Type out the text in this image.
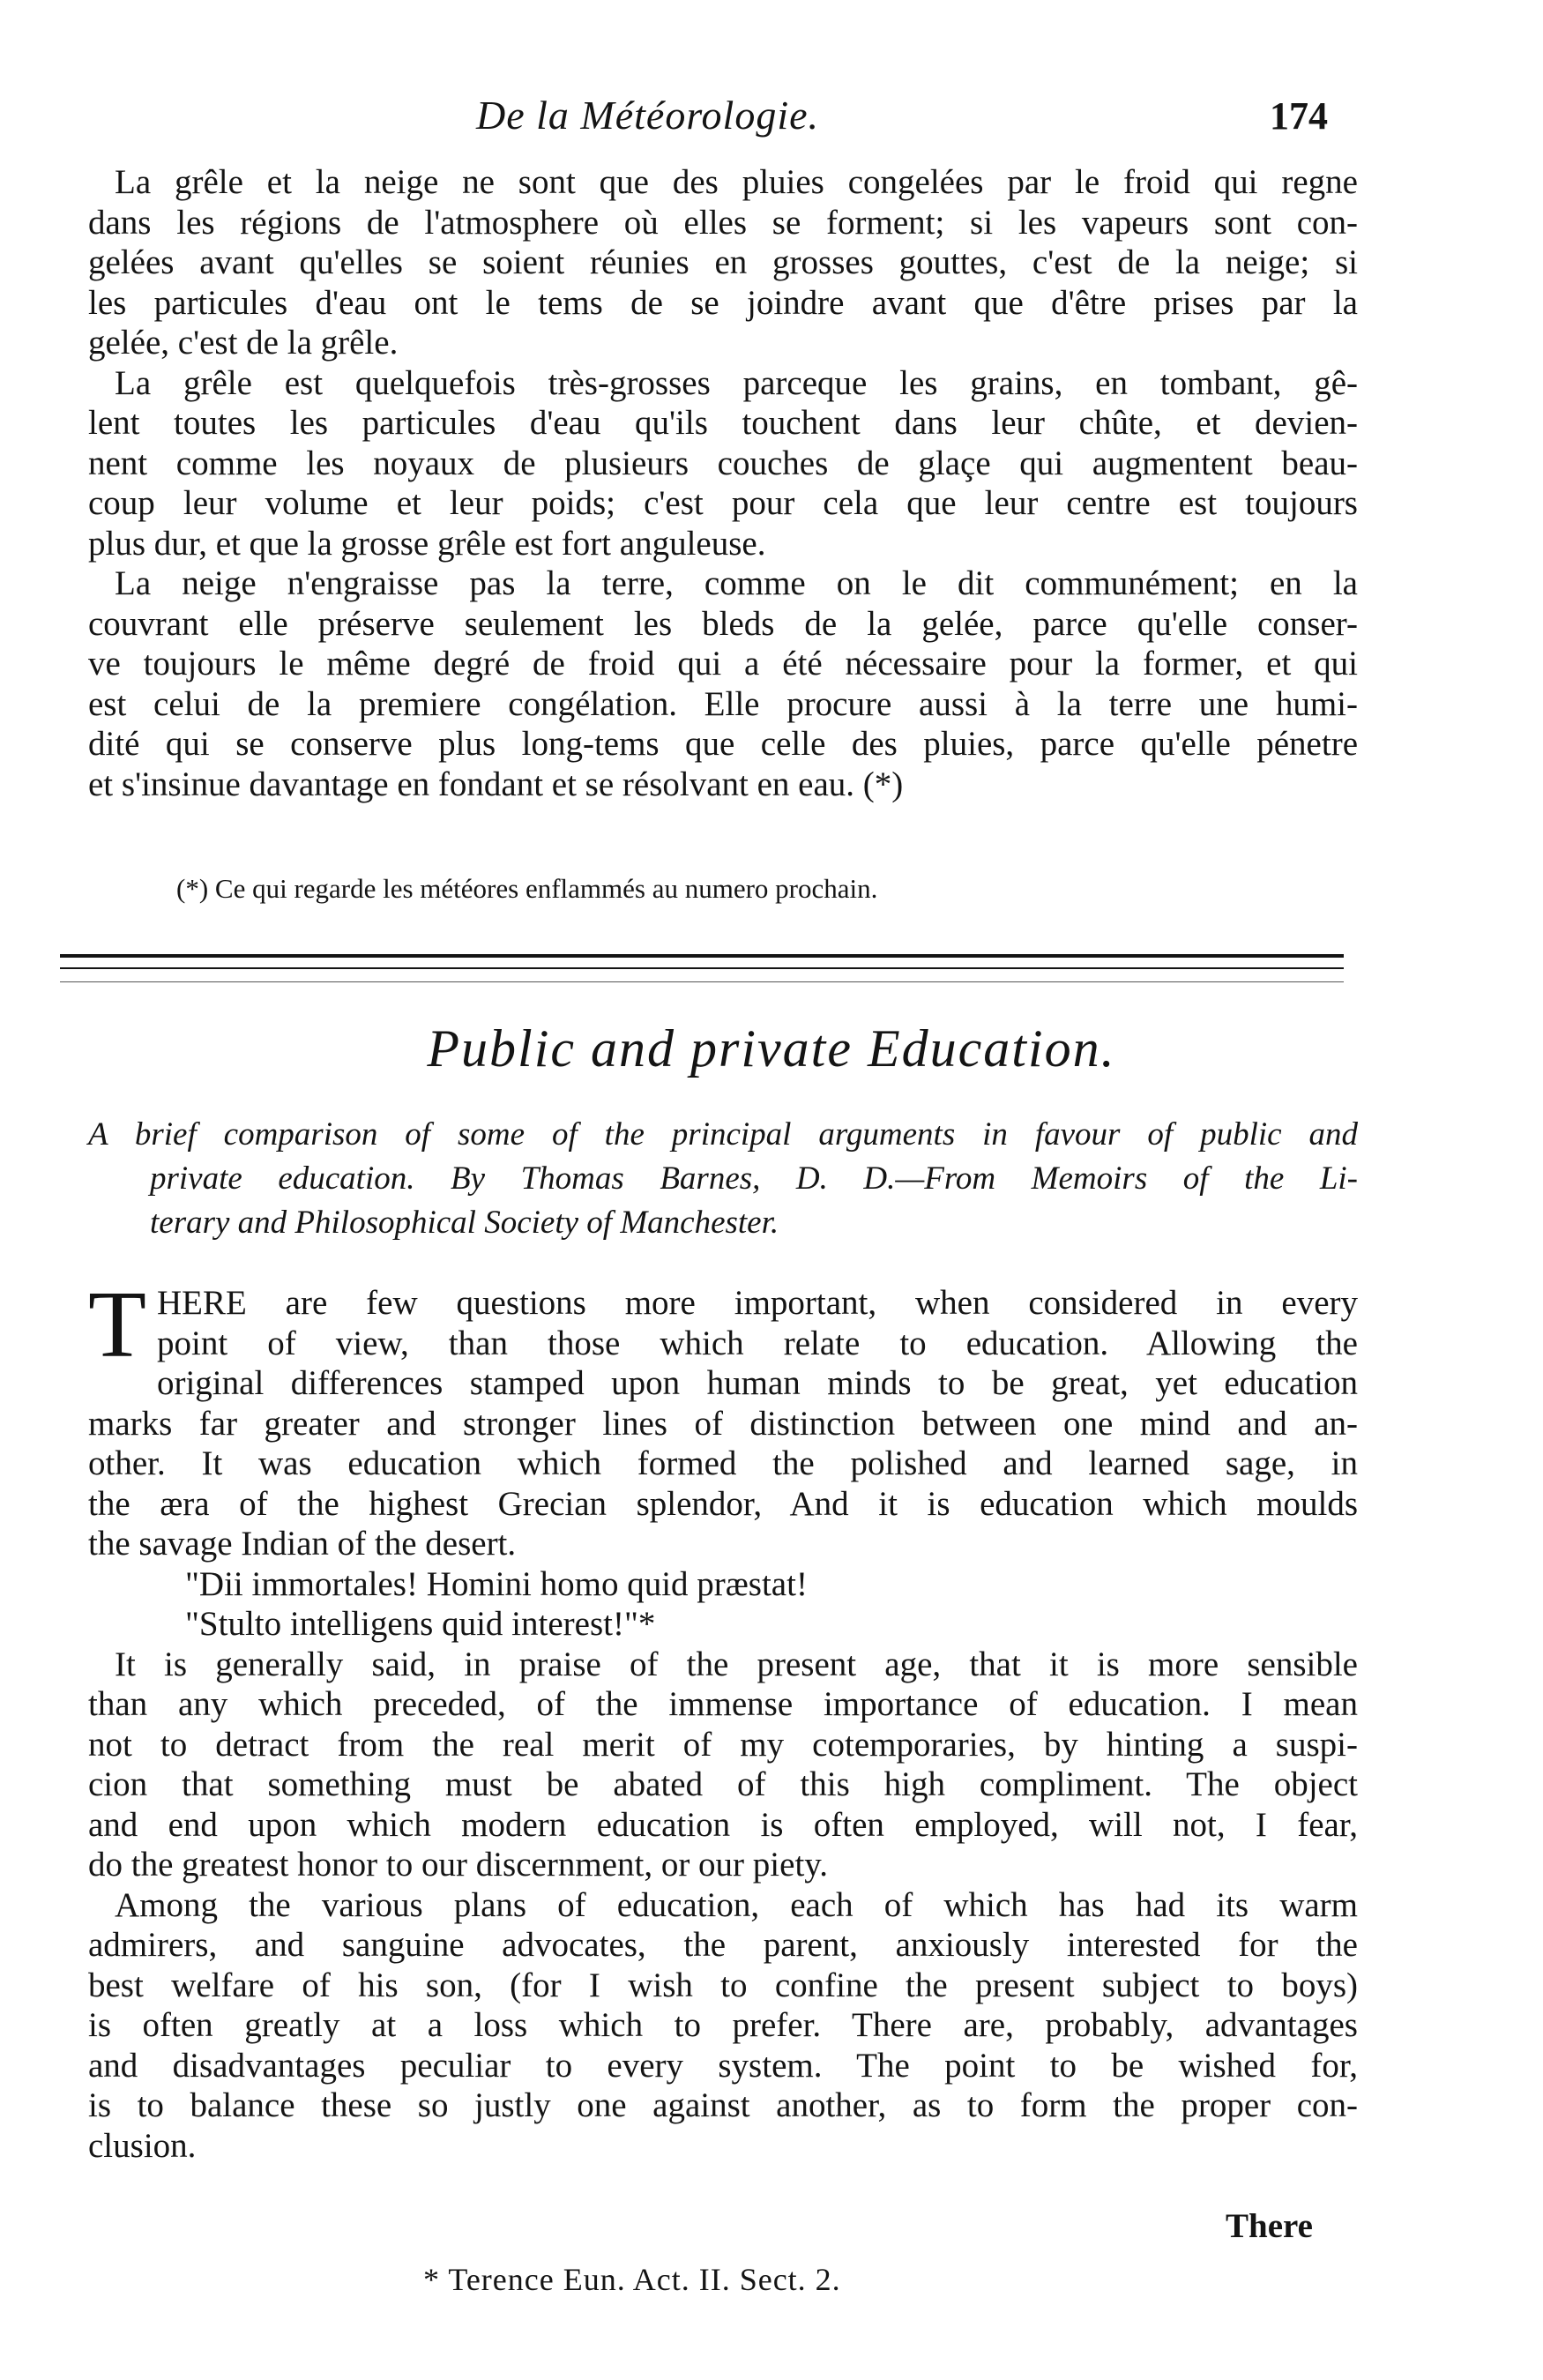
De la Météorologie.	174
La grêle et la neige ne sont que des pluies congelées par le froid qui regne
dans les régions de l'atmosphere où elles se forment; si les vapeurs sont con-
gelées avant qu'elles se soient réunies en grosses gouttes, c'est de la neige; si
les particules d'eau ont le tems de se joindre avant que d'être prises par la
gelée, c'est de la grêle.
La grêle est quelquefois très-grosses parceque les grains, en tombant, gê-
lent toutes les particules d'eau qu'ils touchent dans leur chûte, et devien-
nent comme les noyaux de plusieurs couches de glaçe qui augmentent beau-
coup leur volume et leur poids; c'est pour cela que leur centre est toujours
plus dur, et que la grosse grêle est fort anguleuse.
La neige n'engraisse pas la terre, comme on le dit communément; en la
couvrant elle préserve seulement les bleds de la gelée, parce qu'elle conser-
ve toujours le même degré de froid qui a été nécessaire pour la former, et qui
est celui de la premiere congélation. Elle procure aussi à la terre une humi-
dité qui se conserve plus long-tems que celle des pluies, parce qu'elle pénetre
et s'insinue davantage en fondant et se résolvant en eau. (*)
(*) Ce qui regarde les météores enflammés au numero prochain.
Public and private Education.
A brief comparison of some of the principal arguments in favour of public and
private education. By Thomas Barnes, D. D.—From Memoirs of the Li-
terary and Philosophical Society of Manchester.
T HERE are few questions more important, when considered in every
point of view, than those which relate to education. Allowing the
original differences stamped upon human minds to be great, yet education
marks far greater and stronger lines of distinction between one mind and an-
other. It was education which formed the polished and learned sage, in
the æra of the highest Grecian splendor, And it is education which moulds
the savage Indian of the desert.
"Dii immortales! Homini homo quid præstat!
"Stulto intelligens quid interest!"*
It is generally said, in praise of the present age, that it is more sensible
than any which preceded, of the immense importance of education. I mean
not to detract from the real merit of my cotemporaries, by hinting a suspi-
cion that something must be abated of this high compliment. The object
and end upon which modern education is often employed, will not, I fear,
do the greatest honor to our discernment, or our piety.
Among the various plans of education, each of which has had its warm
admirers, and sanguine advocates, the parent, anxiously interested for the
best welfare of his son, (for I wish to confine the present subject to boys)
is often greatly at a loss which to prefer. There are, probably, advantages
and disadvantages peculiar to every system. The point to be wished for,
is to balance these so justly one against another, as to form the proper con-
clusion.
There
* Terence Eun. Act. II. Sect. 2.
